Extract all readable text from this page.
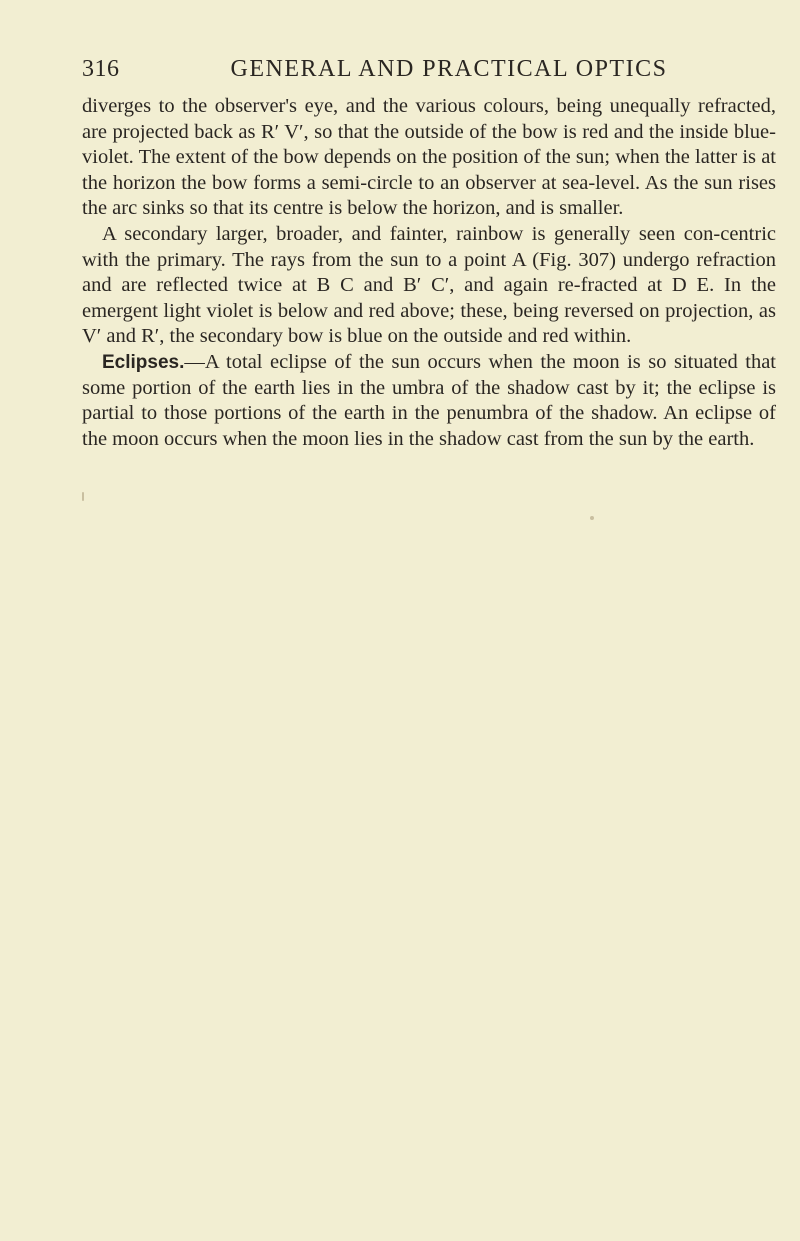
316	GENERAL AND PRACTICAL OPTICS

diverges to the observer's eye, and the various colours, being unequally refracted, are projected back as R′ V′, so that the outside of the bow is red and the inside blue-violet. The extent of the bow depends on the position of the sun; when the latter is at the horizon the bow forms a semi-circle to an observer at sea-level. As the sun rises the arc sinks so that its centre is below the horizon, and is smaller.

A secondary larger, broader, and fainter, rainbow is generally seen con-centric with the primary. The rays from the sun to a point A (Fig. 307) undergo refraction and are reflected twice at B C and B′ C′, and again re-fracted at D E. In the emergent light violet is below and red above; these, being reversed on projection, as V′ and R′, the secondary bow is blue on the outside and red within.

Eclipses.—A total eclipse of the sun occurs when the moon is so situated that some portion of the earth lies in the umbra of the shadow cast by it; the eclipse is partial to those portions of the earth in the penumbra of the shadow. An eclipse of the moon occurs when the moon lies in the shadow cast from the sun by the earth.
